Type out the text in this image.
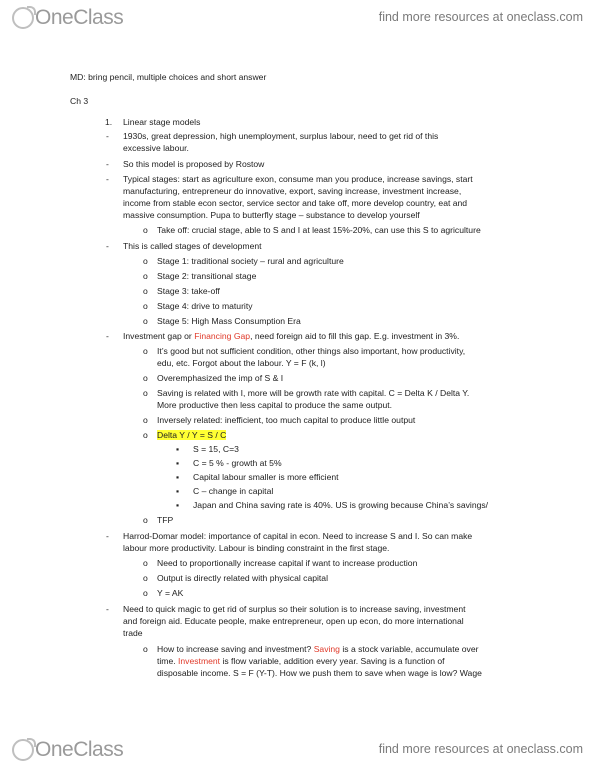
OneClass	find more resources at oneclass.com
MD: bring pencil, multiple choices and short answer
Ch 3
1. Linear stage models
- 1930s, great depression, high unemployment, surplus labour, need to get rid of this
excessive labour.
- So this model is proposed by Rostow
- Typical stages: start as agriculture exon, consume man you produce, increase savings, start
manufacturing, entrepreneur do innovative, export, saving increase, investment increase,
income from stable econ sector, service sector and take off, more develop country, eat and
massive consumption. Pupa to butterfly stage – substance to develop yourself
o Take off: crucial stage, able to S and I at least 15%-20%, can use this S to agriculture
- This is called stages of development
o Stage 1: traditional society – rural and agriculture
o Stage 2: transitional stage
o Stage 3: take-off
o Stage 4: drive to maturity
o Stage 5: High Mass Consumption Era
- Investment gap or Financing Gap, need foreign aid to fill this gap. E.g. investment in 3%.
o It’s good but not sufficient condition, other things also important, how productivity,
edu, etc. Forgot about the labour. Y = F (k, l)
o Overemphasized the imp of S & I
o Saving is related with I, more will be growth rate with capital. C = Delta K / Delta Y.
More productive then less capital to produce the same output.
o Inversely related: inefficient, too much capital to produce little output
o Delta Y / Y = S / C
▪ S = 15, C=3
▪ C = 5 % - growth at 5%
▪ Capital labour smaller is more efficient
▪ C – change in capital
▪ Japan and China saving rate is 40%. US is growing because China’s savings/
o TFP
- Harrod-Domar model: importance of capital in econ. Need to increase S and I. So can make
labour more productivity. Labour is binding constraint in the first stage.
o Need to proportionally increase capital if want to increase production
o Output is directly related with physical capital
o Y = AK
- Need to quick magic to get rid of surplus so their solution is to increase saving, investment
and foreign aid. Educate people, make entrepreneur, open up econ, do more international
trade
o How to increase saving and investment? Saving is a stock variable, accumulate over
time. Investment is flow variable, addition every year. Saving is a function of
disposable income. S = F (Y-T). How we push them to save when wage is low? Wage
OneClass	find more resources at oneclass.com
